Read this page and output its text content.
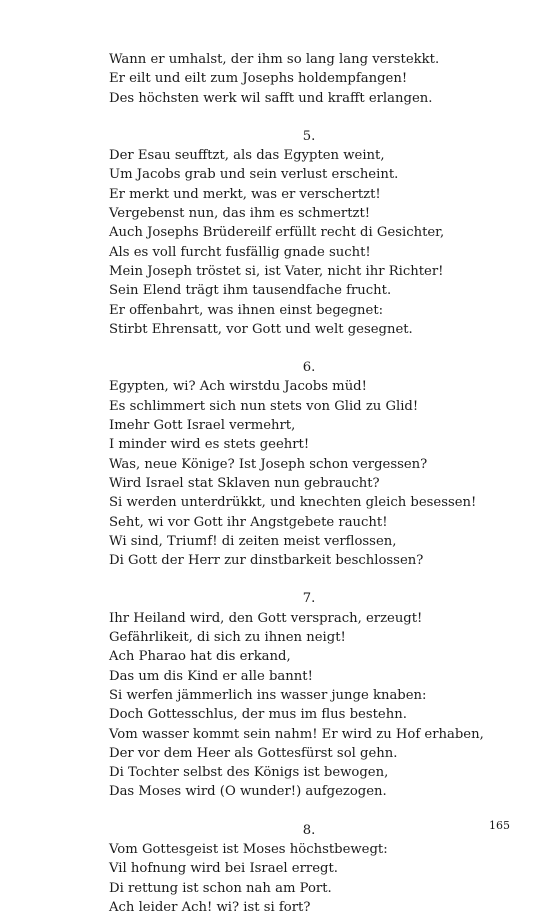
Wann er umhalst, der ihm so lang lang verstekkt.
Er eilt und eilt zum Josephs holdempfangen!
Des höchsten werk wil safft und krafft erlangen.
5.
Der Esau seufftzt, als das Egypten weint,
Um Jacobs grab und sein verlust erscheint.
Er merkt und merkt, was er verschertzt!
Vergebenst nun, das ihm es schmertzt!
Auch Josephs Brüdereilf erfüllt recht di Gesichter,
Als es voll furcht fusfällig gnade sucht!
Mein Joseph tröstet si, ist Vater, nicht ihr Richter!
Sein Elend trägt ihm tausendfache frucht.
Er offenbahrt, was ihnen einst begegnet:
Stirbt Ehrensatt, vor Gott und welt gesegnet.
6.
Egypten, wi? Ach wirstdu Jacobs müd!
Es schlimmert sich nun stets von Glid zu Glid!
Imehr Gott Israel vermehrt,
I minder wird es stets geehrt!
Was, neue Könige? Ist Joseph schon vergessen?
Wird Israel stat Sklaven nun gebraucht?
Si werden unterdrükkt, und knechten gleich besessen!
Seht, wi vor Gott ihr Angstgebete raucht!
Wi sind, Triumf! di zeiten meist verflossen,
Di Gott der Herr zur dinstbarkeit beschlossen?
7.
Ihr Heiland wird, den Gott versprach, erzeugt!
Gefährlikeit, di sich zu ihnen neigt!
Ach Pharao hat dis erkand,
Das um dis Kind er alle bannt!
Si werfen jämmerlich ins wasser junge knaben:
Doch Gottesschlus, der mus im flus bestehn.
Vom wasser kommt sein nahm! Er wird zu Hof erhaben,
Der vor dem Heer als Gottesfürst sol gehn.
Di Tochter selbst des Königs ist bewogen,
Das Moses wird (O wunder!) aufgezogen.
8.
Vom Gottesgeist ist Moses höchstbewegt:
Vil hofnung wird bei Israel erregt.
Di rettung ist schon nah am Port.
Ach leider Ach! wi? ist si fort?
165
